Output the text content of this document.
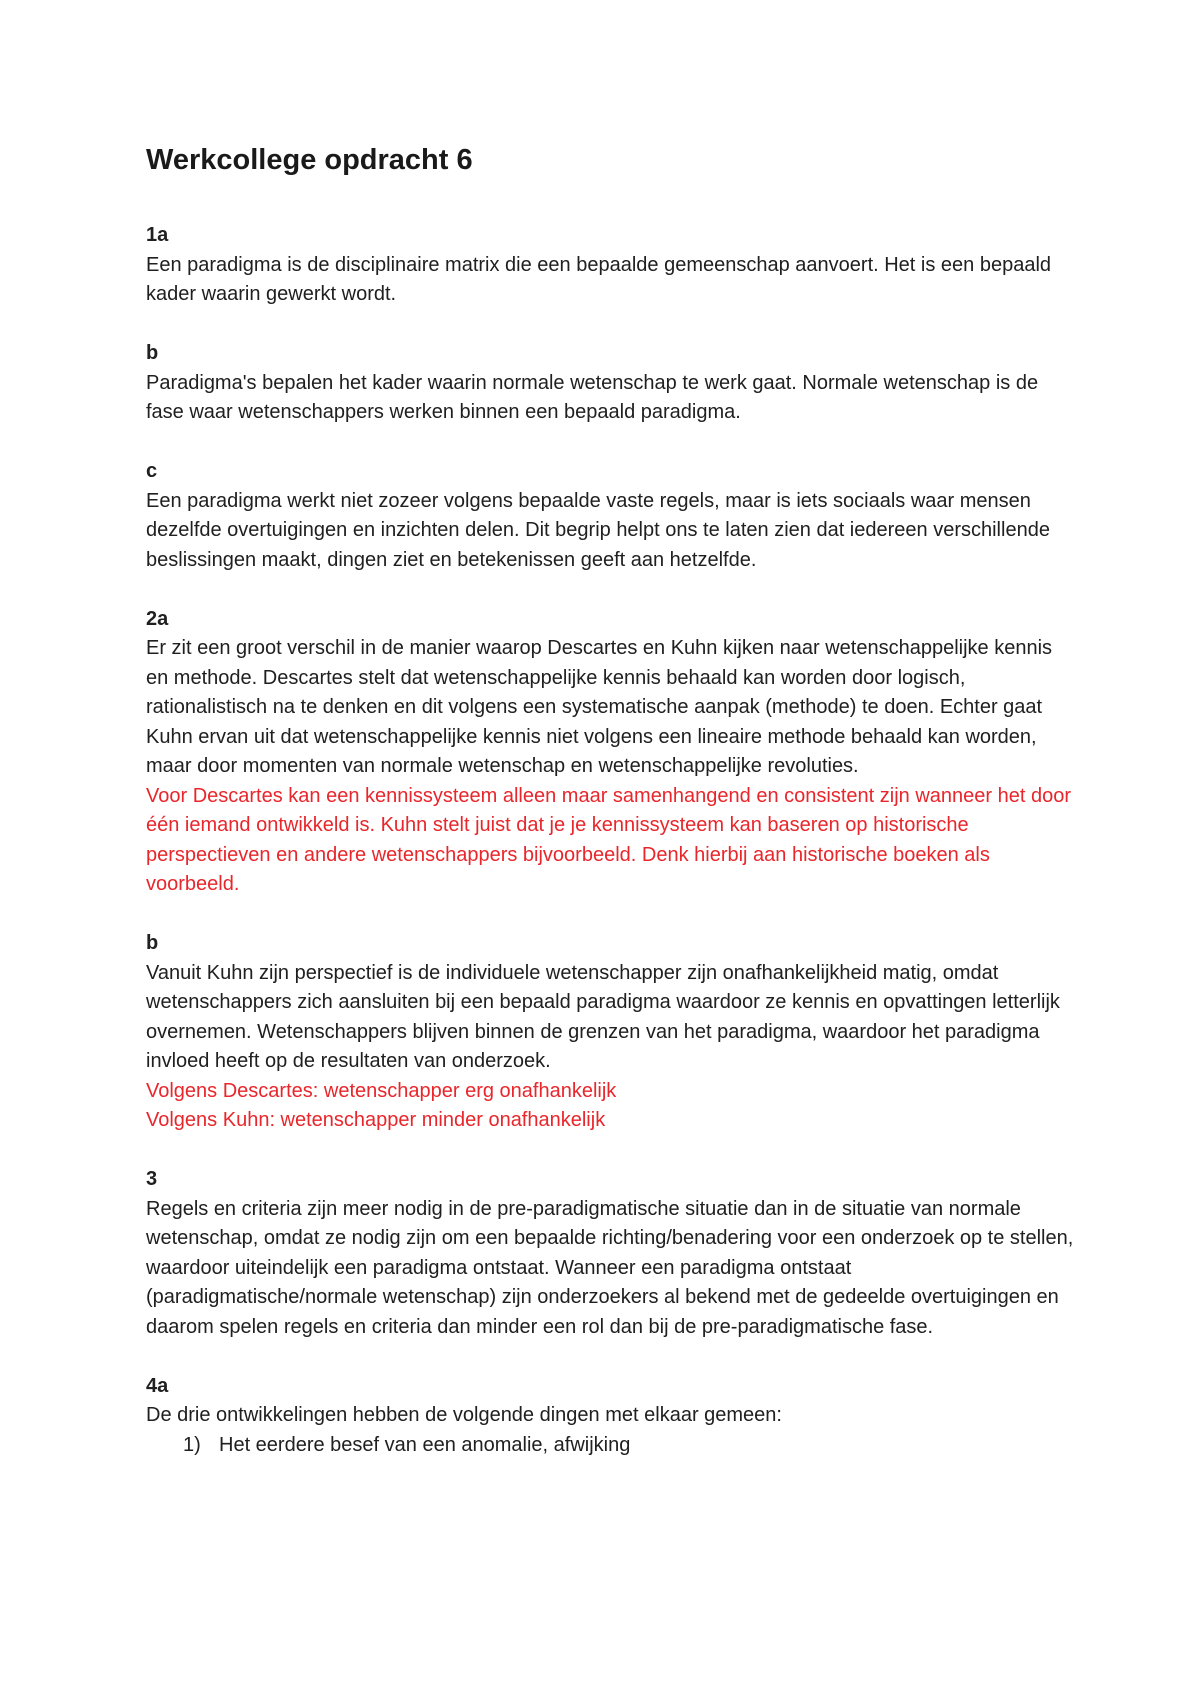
Werkcollege opdracht 6

1a

Een paradigma is de disciplinaire matrix die een bepaalde gemeenschap aanvoert. Het is een bepaald kader waarin gewerkt wordt.

b

Paradigma's bepalen het kader waarin normale wetenschap te werk gaat. Normale wetenschap is de fase waar wetenschappers werken binnen een bepaald paradigma.

c

Een paradigma werkt niet zozeer volgens bepaalde vaste regels, maar is iets sociaals waar mensen dezelfde overtuigingen en inzichten delen. Dit begrip helpt ons te laten zien dat iedereen verschillende beslissingen maakt, dingen ziet en betekenissen geeft aan hetzelfde.

2a

Er zit een groot verschil in de manier waarop Descartes en Kuhn kijken naar wetenschappelijke kennis en methode. Descartes stelt dat wetenschappelijke kennis behaald kan worden door logisch, rationalistisch na te denken en dit volgens een systematische aanpak (methode) te doen. Echter gaat Kuhn ervan uit dat wetenschappelijke kennis niet volgens een lineaire methode behaald kan worden, maar door momenten van normale wetenschap en wetenschappelijke revoluties.

Voor Descartes kan een kennissysteem alleen maar samenhangend en consistent zijn wanneer het door één iemand ontwikkeld is. Kuhn stelt juist dat je je kennissysteem kan baseren op historische perspectieven en andere wetenschappers bijvoorbeeld. Denk hierbij aan historische boeken als voorbeeld.

b

Vanuit Kuhn zijn perspectief is de individuele wetenschapper zijn onafhankelijkheid matig, omdat wetenschappers zich aansluiten bij een bepaald paradigma waardoor ze kennis en opvattingen letterlijk overnemen. Wetenschappers blijven binnen de grenzen van het paradigma, waardoor het paradigma invloed heeft op de resultaten van onderzoek.

Volgens Descartes: wetenschapper erg onafhankelijk

Volgens Kuhn: wetenschapper minder onafhankelijk

3

Regels en criteria zijn meer nodig in de pre-paradigmatische situatie dan in de situatie van normale wetenschap, omdat ze nodig zijn om een bepaalde richting/benadering voor een onderzoek op te stellen, waardoor uiteindelijk een paradigma ontstaat. Wanneer een paradigma ontstaat (paradigmatische/normale wetenschap) zijn onderzoekers al bekend met de gedeelde overtuigingen en daarom spelen regels en criteria dan minder een rol dan bij de pre-paradigmatische fase.

4a

De drie ontwikkelingen hebben de volgende dingen met elkaar gemeen:

1) Het eerdere besef van een anomalie, afwijking
